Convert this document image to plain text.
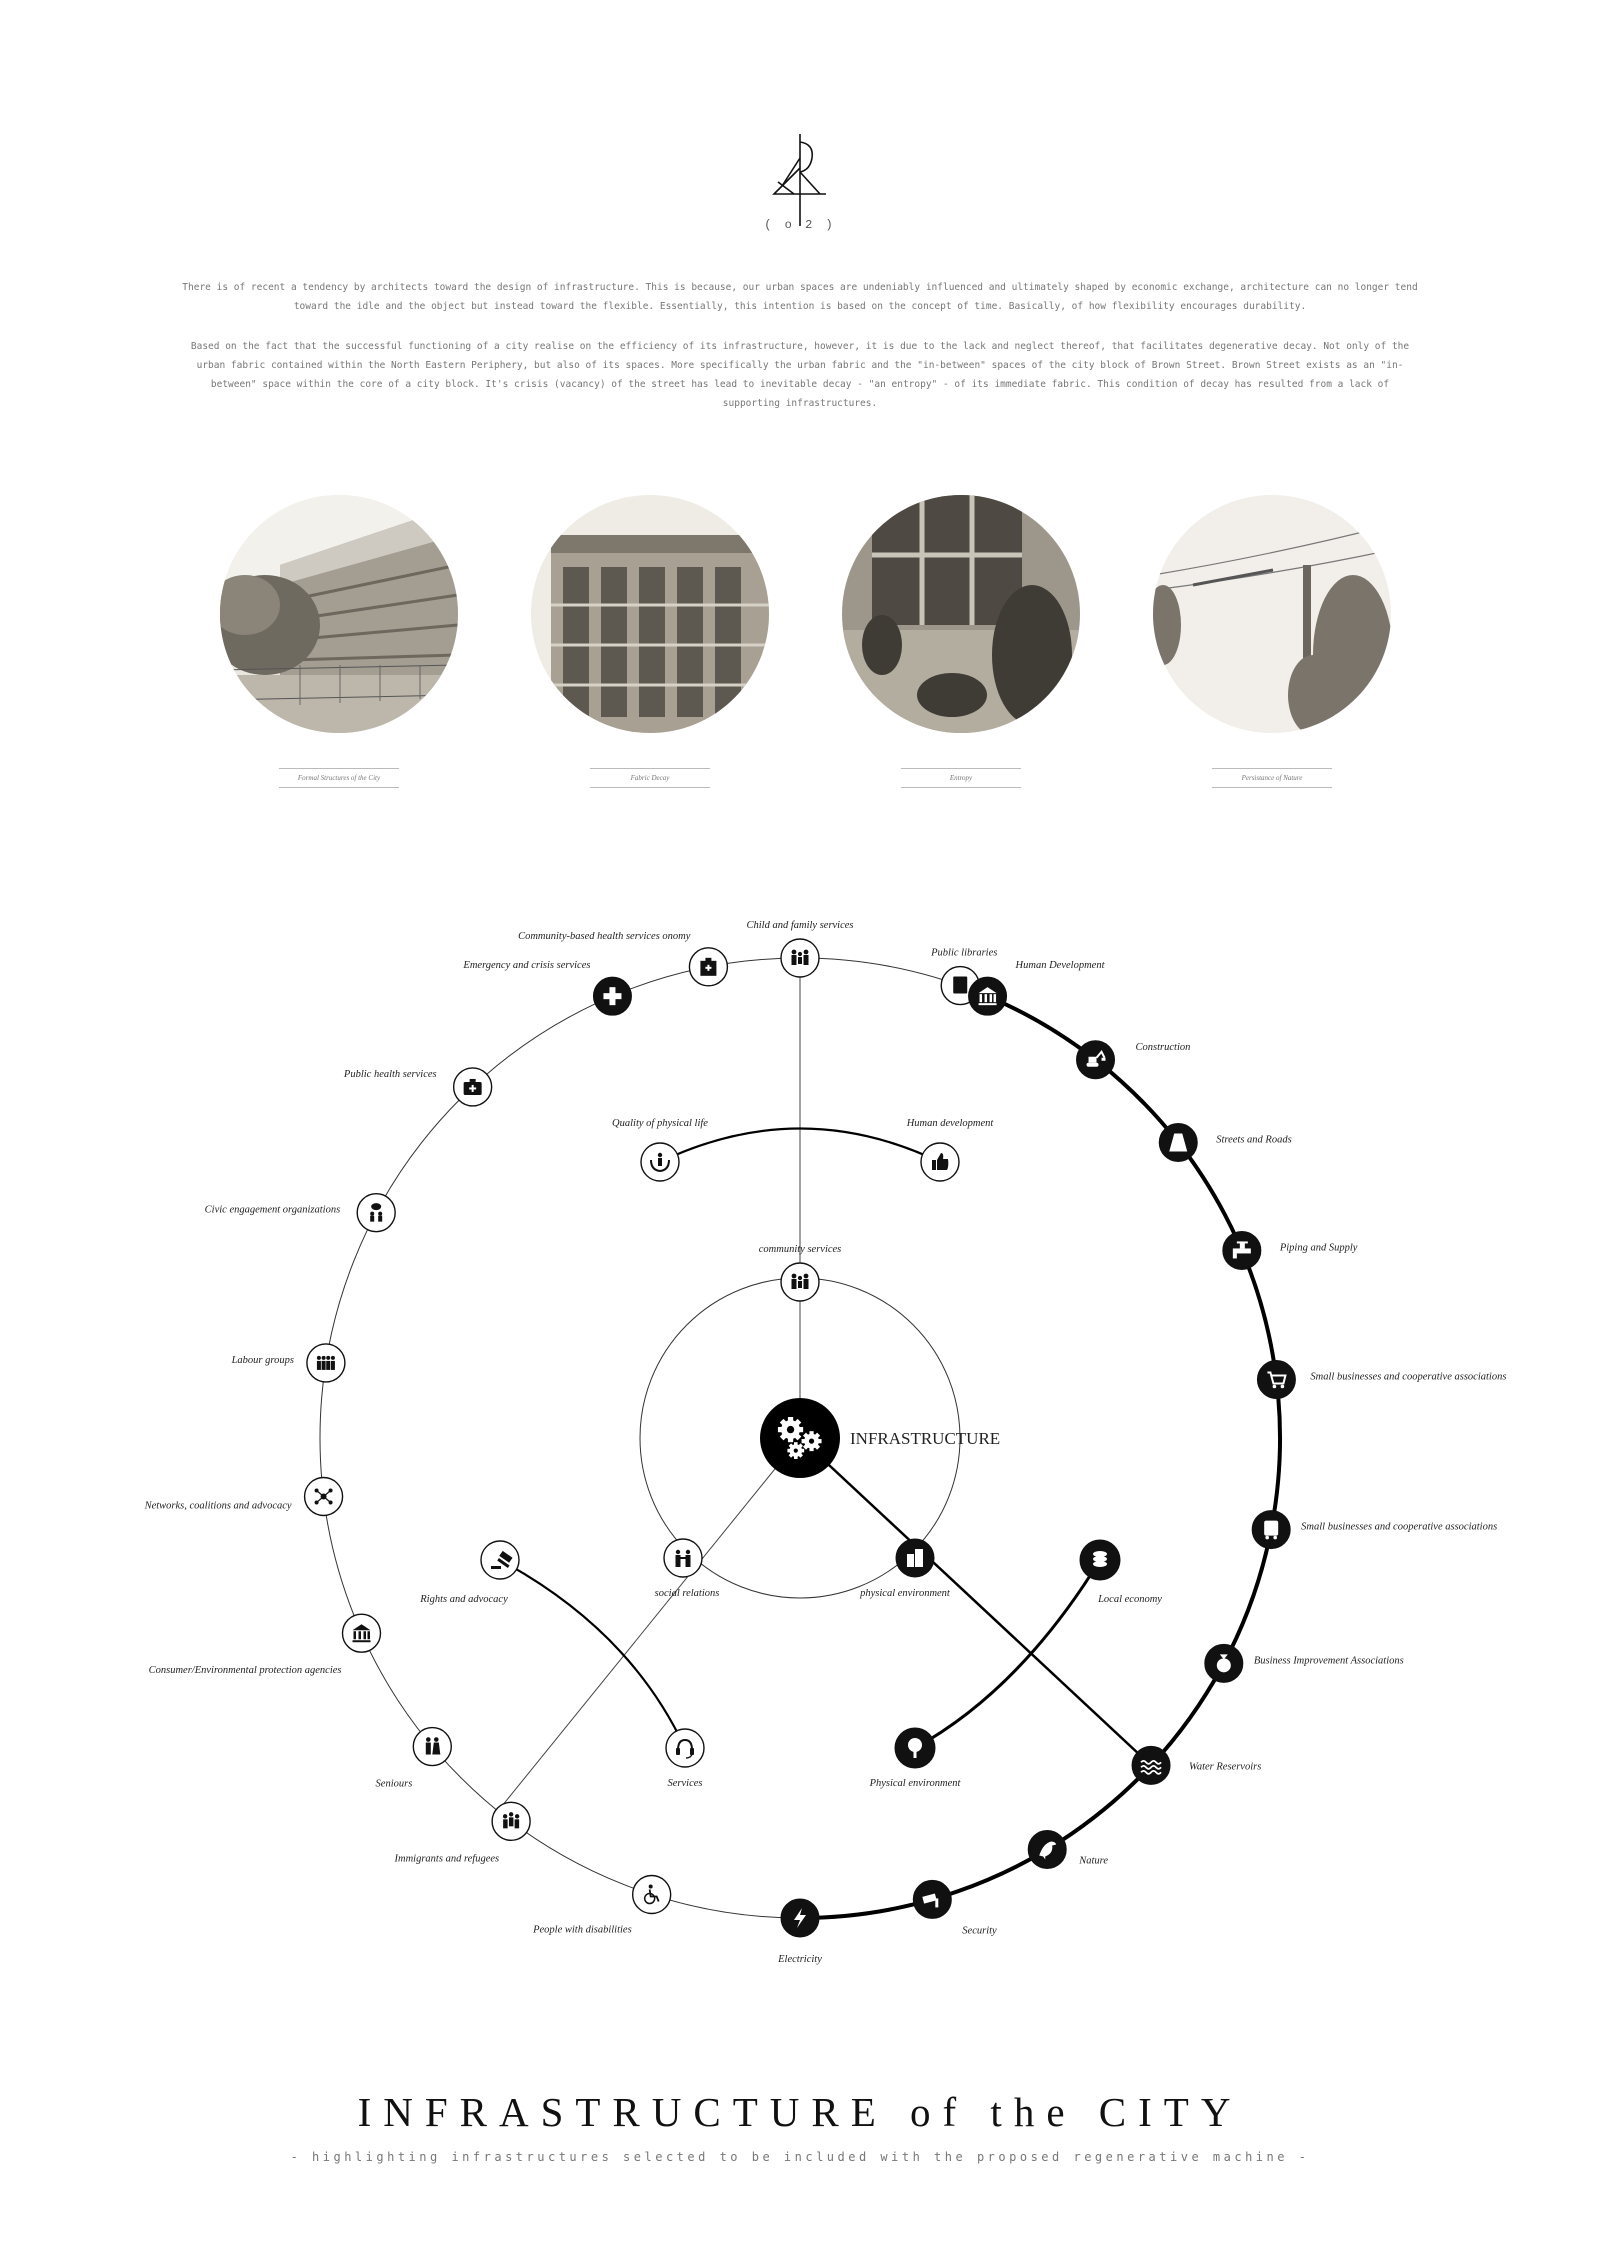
( o 2 )
There is of recent a tendency by architects toward the design of infrastructure. This is because, our urban spaces are undeniably influenced and ultimately shaped by economic exchange, architecture can no longer tend toward the idle and the object but instead toward the flexible. Essentially, this intention is based on the concept of time. Basically, of how flexibility encourages durability.
Based on the fact that the successful functioning of a city realise on the efficiency of its infrastructure, however, it is due to the lack and neglect thereof, that facilitates degenerative decay. Not only of the urban fabric contained within the North Eastern Periphery, but also of its spaces. More specifically the urban fabric and the "in-between" spaces of the city block of Brown Street. Brown Street exists as an "in-between" space within the core of a city block. It's crisis (vacancy) of the street has lead to inevitable decay - "an entropy" - of its immediate fabric. This condition of decay has resulted from a lack of supporting infrastructures.
Formal Structures of the City	Fabric Decay	Entropy	Persistance of Nature
Child and family services
Public libraries
Human Development
Construction
Streets and Roads
Piping and Supply
Small businesses and cooperative associations
Small businesses and cooperative associations
Business Improvement Associations
Water Reservoirs
Nature
Security
Electricity
People with disabilities
Immigrants and refugees
Seniours
Consumer/Environmental protection agencies
Networks, coalitions and advocacy
Labour groups
Civic engagement organizations
Public health services
Emergency and crisis services
Community-based health services onomy
community services
social relations	physical environment
Quality of physical life	Human development
Rights and advocacy
Services
Local economy
Physical environment
INFRASTRUCTURE
INFRASTRUCTURE of the CITY
- highlighting infrastructures selected to be included with the proposed regenerative machine -
